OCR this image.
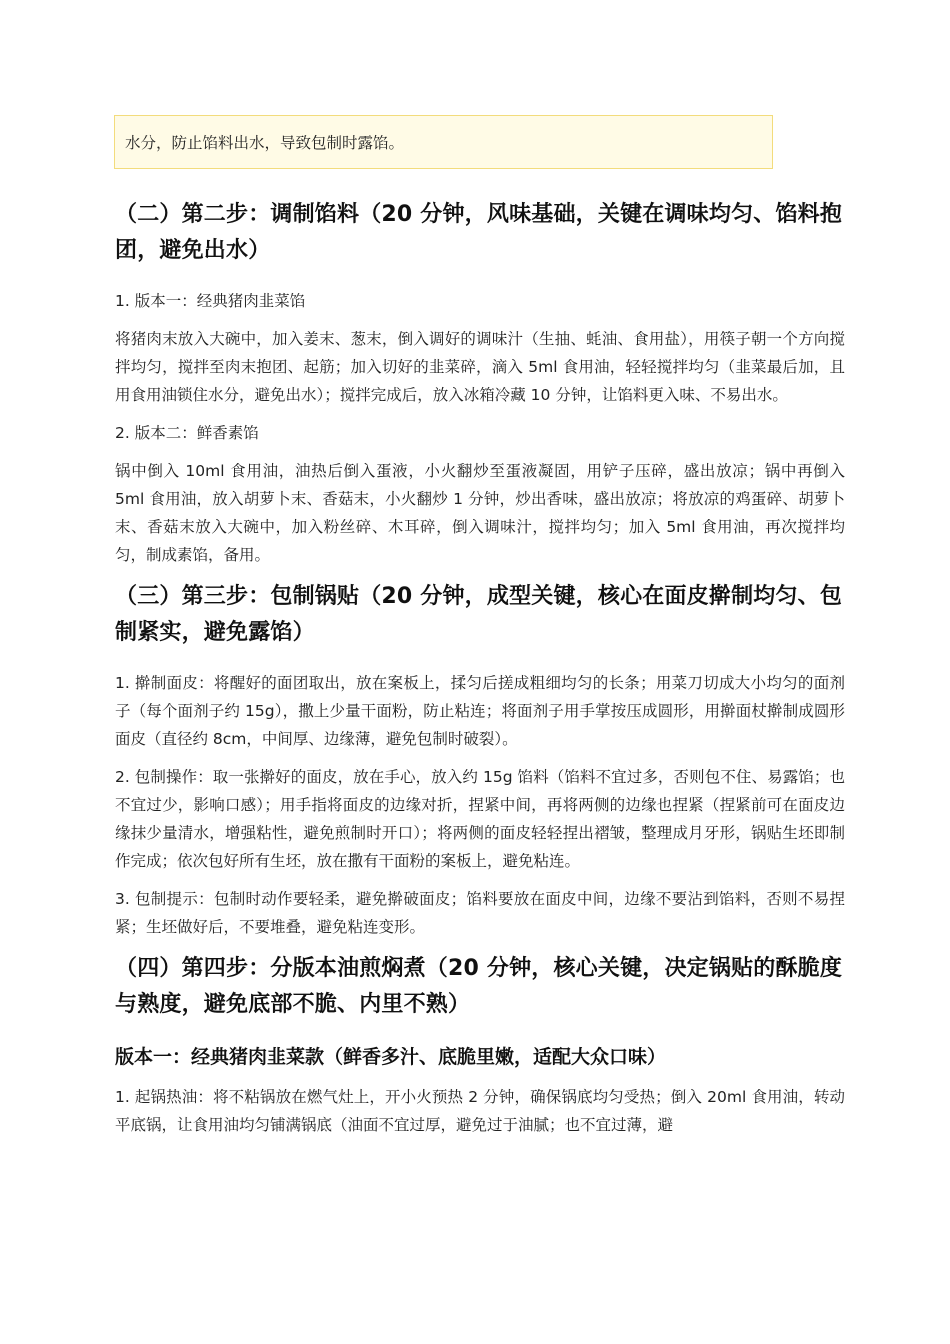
水分，防止馅料出水，导致包制时露馅。
（二）第二步：调制馅料（20 分钟，风味基础，关键在调味均匀、馅料抱团，避免出水）

1. 版本一：经典猪肉韭菜馅

将猪肉末放入大碗中，加入姜末、葱末，倒入调好的调味汁（生抽、蚝油、食用盐），用筷子朝一个方向搅拌均匀，搅拌至肉末抱团、起筋；加入切好的韭菜碎，滴入 5ml 食用油，轻轻搅拌均匀（韭菜最后加，且用食用油锁住水分，避免出水）；搅拌完成后，放入冰箱冷藏 10 分钟，让馅料更入味、不易出水。

2. 版本二：鲜香素馅

锅中倒入 10ml 食用油，油热后倒入蛋液，小火翻炒至蛋液凝固，用铲子压碎，盛出放凉；锅中再倒入 5ml 食用油，放入胡萝卜末、香菇末，小火翻炒 1 分钟，炒出香味，盛出放凉；将放凉的鸡蛋碎、胡萝卜末、香菇末放入大碗中，加入粉丝碎、木耳碎，倒入调味汁，搅拌均匀；加入 5ml 食用油，再次搅拌均匀，制成素馅，备用。

（三）第三步：包制锅贴（20 分钟，成型关键，核心在面皮擀制均匀、包制紧实，避免露馅）

1. 擀制面皮：将醒好的面团取出，放在案板上，揉匀后搓成粗细均匀的长条；用菜刀切成大小均匀的面剂子（每个面剂子约 15g），撒上少量干面粉，防止粘连；将面剂子用手掌按压成圆形，用擀面杖擀制成圆形面皮（直径约 8cm，中间厚、边缘薄，避免包制时破裂）。

2. 包制操作：取一张擀好的面皮，放在手心，放入约 15g 馅料（馅料不宜过多，否则包不住、易露馅；也不宜过少，影响口感）；用手指将面皮的边缘对折，捏紧中间，再将两侧的边缘也捏紧（捏紧前可在面皮边缘抹少量清水，增强粘性，避免煎制时开口）；将两侧的面皮轻轻捏出褶皱，整理成月牙形，锅贴生坯即制作完成；依次包好所有生坯，放在撒有干面粉的案板上，避免粘连。

3. 包制提示：包制时动作要轻柔，避免擀破面皮；馅料要放在面皮中间，边缘不要沾到馅料，否则不易捏紧；生坯做好后，不要堆叠，避免粘连变形。

（四）第四步：分版本油煎焖煮（20 分钟，核心关键，决定锅贴的酥脆度与熟度，避免底部不脆、内里不熟）
版本一：经典猪肉韭菜款（鲜香多汁、底脆里嫩，适配大众口味）

1. 起锅热油：将不粘锅放在燃气灶上，开小火预热 2 分钟，确保锅底均匀受热；倒入 20ml 食用油，转动平底锅，让食用油均匀铺满锅底（油面不宜过厚，避免过于油腻；也不宜过薄，避
